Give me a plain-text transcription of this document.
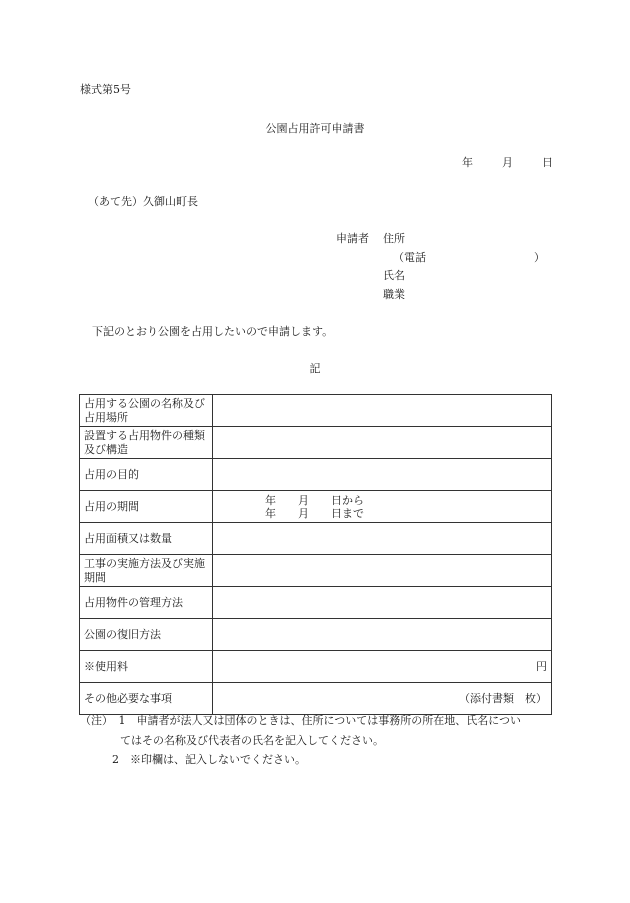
様式第5号
公園占用許可申請書
年	月	日
（あて先）久御山町長
申請者 住所
（電話	）
氏名
職業
下記のとおり公園を占用したいので申請します。
記
占用する公園の名称及び占用場所	
設置する占用物件の種類及び構造	
占用の目的	
占用の期間	年　　月　　日から
年　　月　　日まで

占用面積又は数量	
工事の実施方法及び実施期間	
占用物件の管理方法	
公園の復旧方法	
※使用料	円
その他必要な事項	（添付書類　枚）
（注）　1　申請者が法人又は団体のときは、住所については事務所の所在地、氏名につい
てはその名称及び代表者の氏名を記入してください。
2　※印欄は、記入しないでください。
